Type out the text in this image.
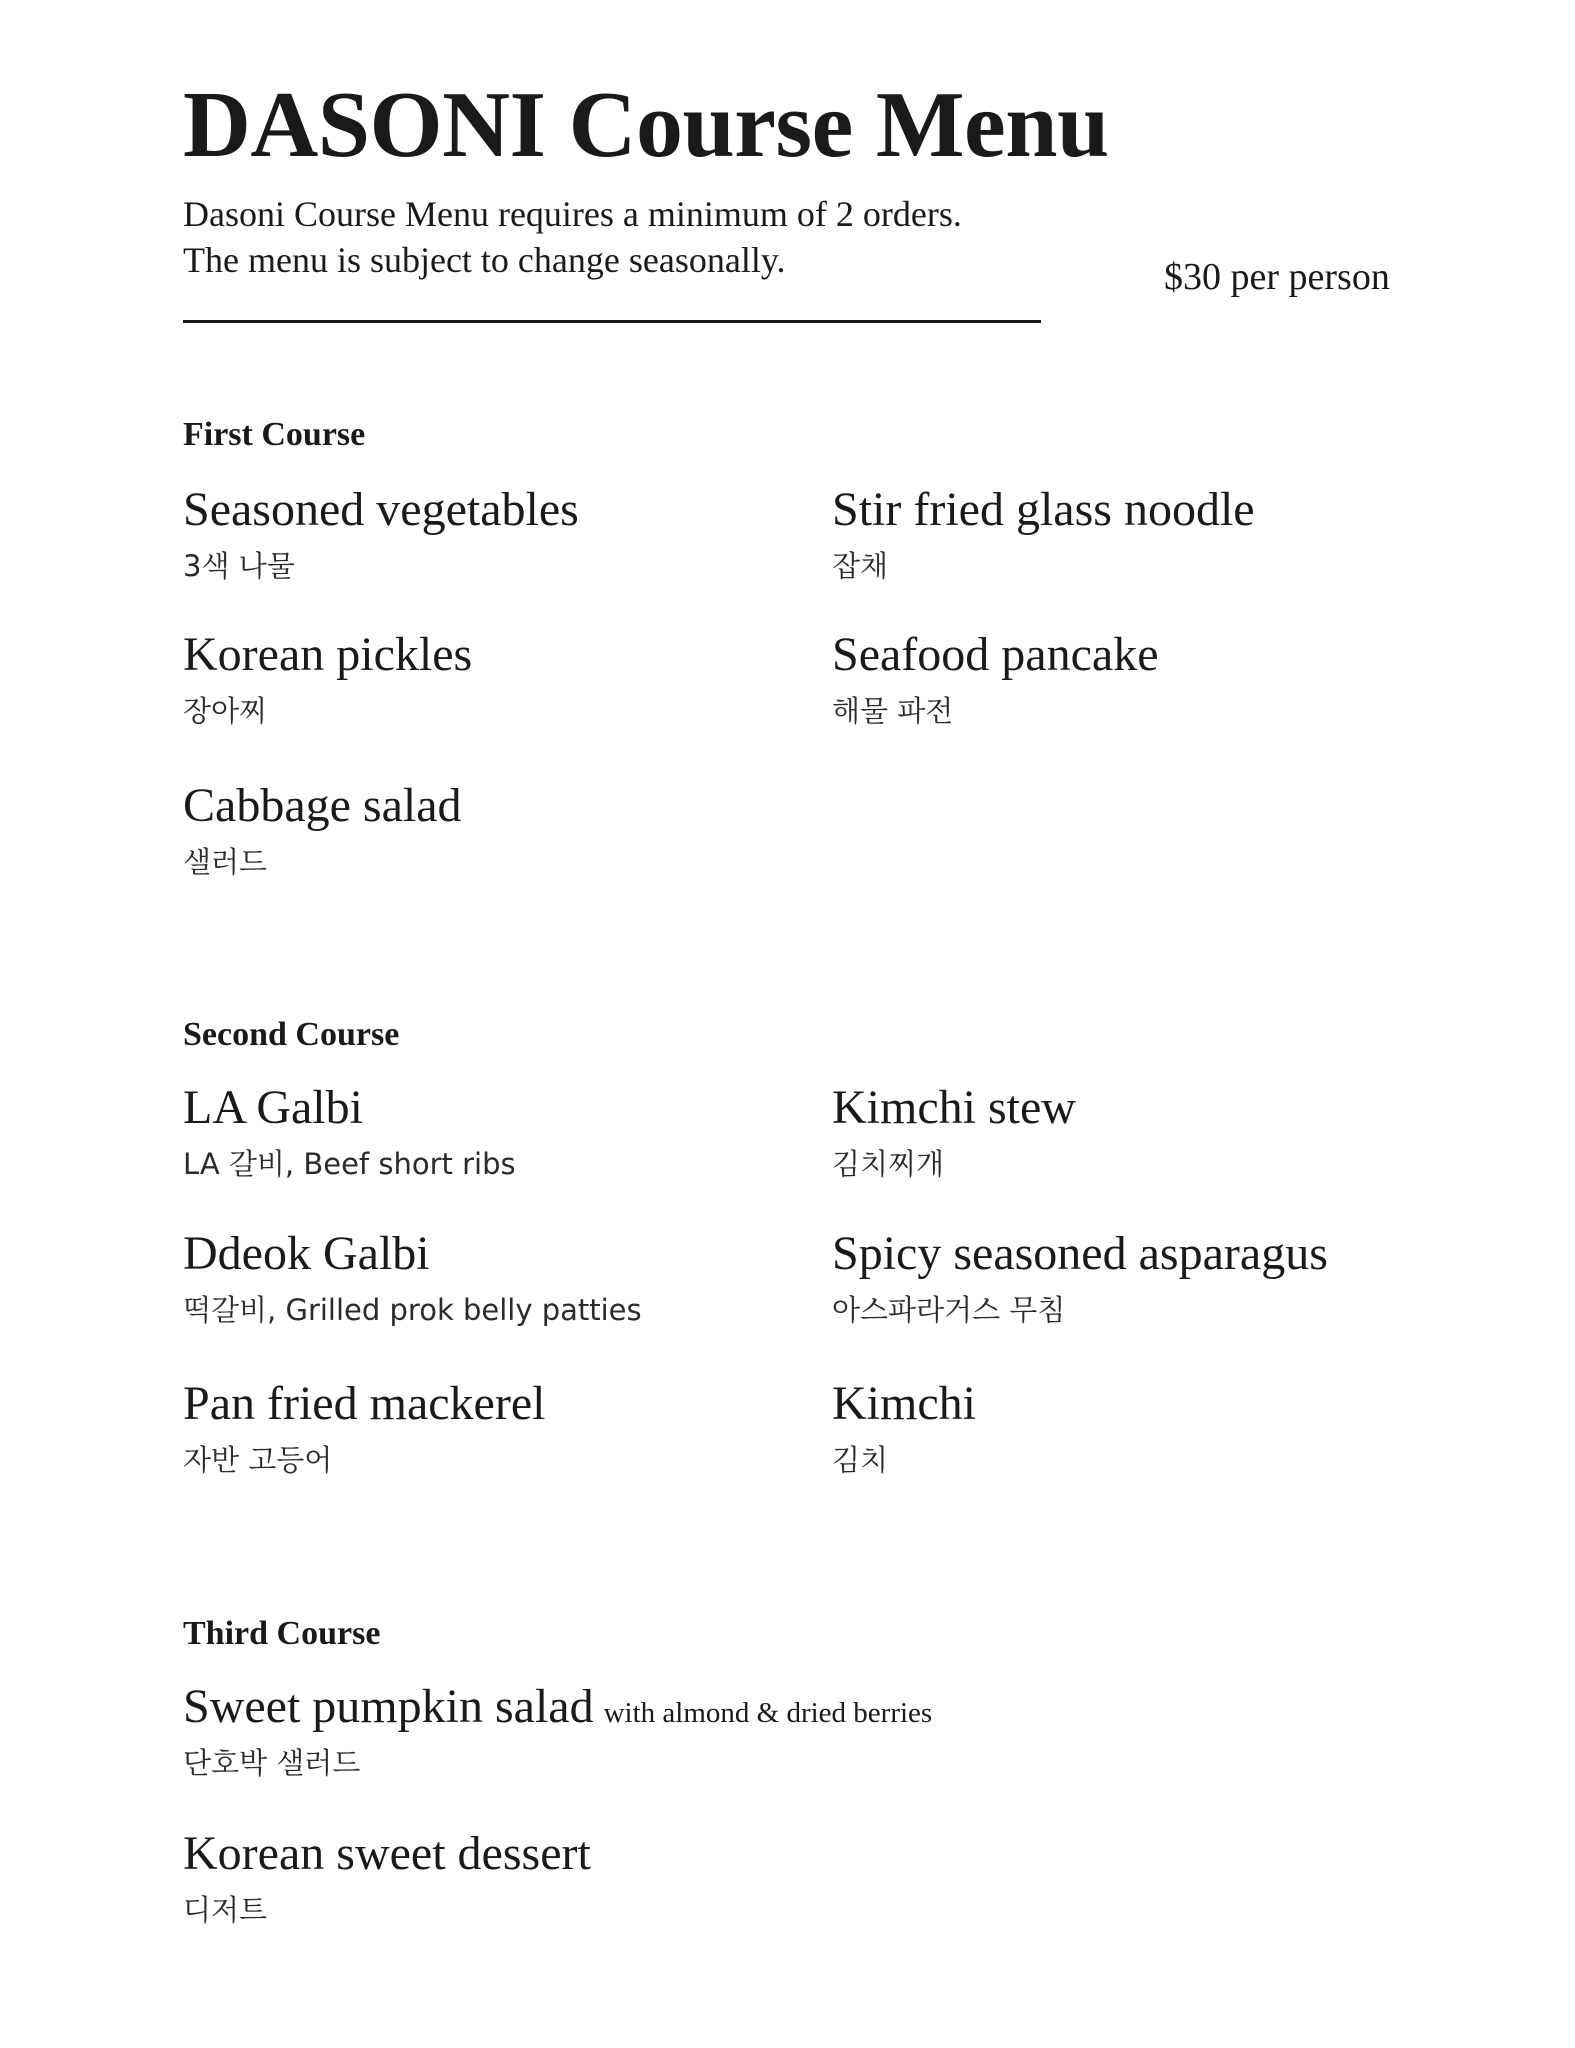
DASONI Course Menu
Dasoni Course Menu requires a minimum of 2 orders.
The menu is subject to change seasonally.	$30 per person
First Course
Seasoned vegetables
3색 나물
Stir fried glass noodle
잡채
Korean pickles
장아찌
Seafood pancake
해물 파전
Cabbage salad
샐러드
Second Course
LA Galbi
LA 갈비, Beef short ribs
Kimchi stew
김치찌개
Ddeok Galbi
떡갈비, Grilled prok belly patties
Spicy seasoned asparagus
아스파라거스 무침
Pan fried mackerel
자반 고등어
Kimchi
김치
Third Course
Sweet pumpkin salad with almond & dried berries
단호박 샐러드
Korean sweet dessert
디저트
